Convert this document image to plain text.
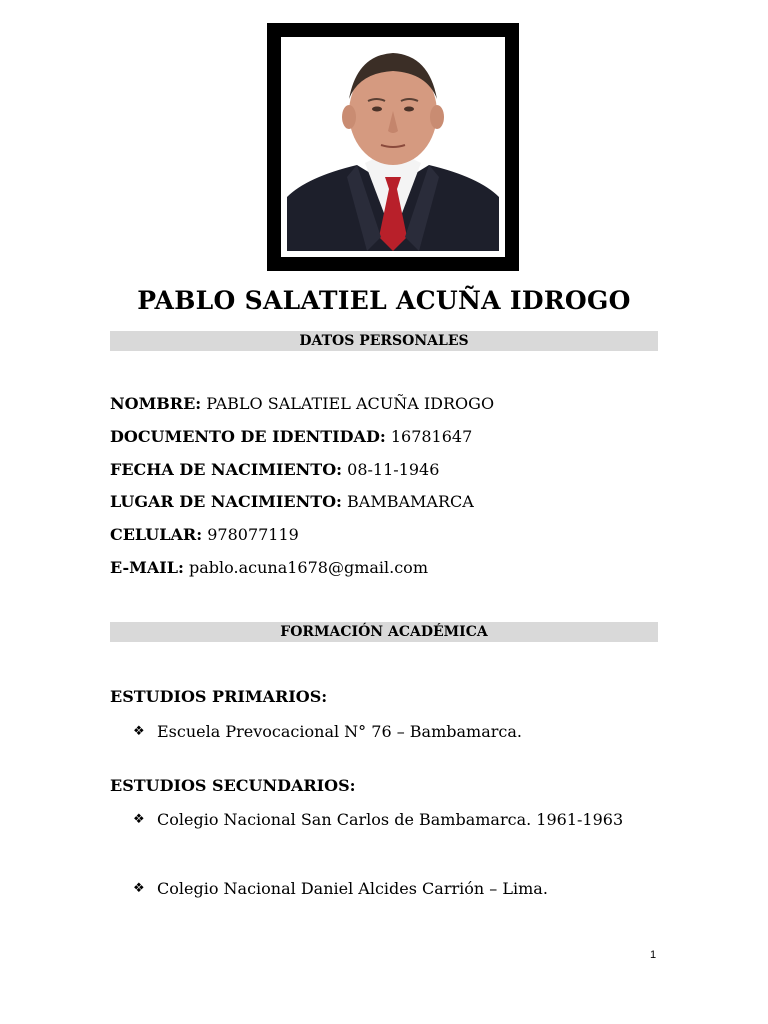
PABLO SALATIEL ACUÑA IDROGO
DATOS PERSONALES
NOMBRE: PABLO SALATIEL ACUÑA IDROGO
DOCUMENTO DE IDENTIDAD: 16781647
FECHA DE NACIMIENTO: 08-11-1946
LUGAR DE NACIMIENTO: BAMBAMARCA
CELULAR: 978077119
E-MAIL: pablo.acuna1678@gmail.com
FORMACIÓN ACADÉMICA
ESTUDIOS PRIMARIOS:
❖ Escuela Prevocacional N° 76 – Bambamarca.
ESTUDIOS SECUNDARIOS:
❖ Colegio Nacional San Carlos de Bambamarca. 1961-1963
❖ Colegio Nacional Daniel Alcides Carrión – Lima.
1
